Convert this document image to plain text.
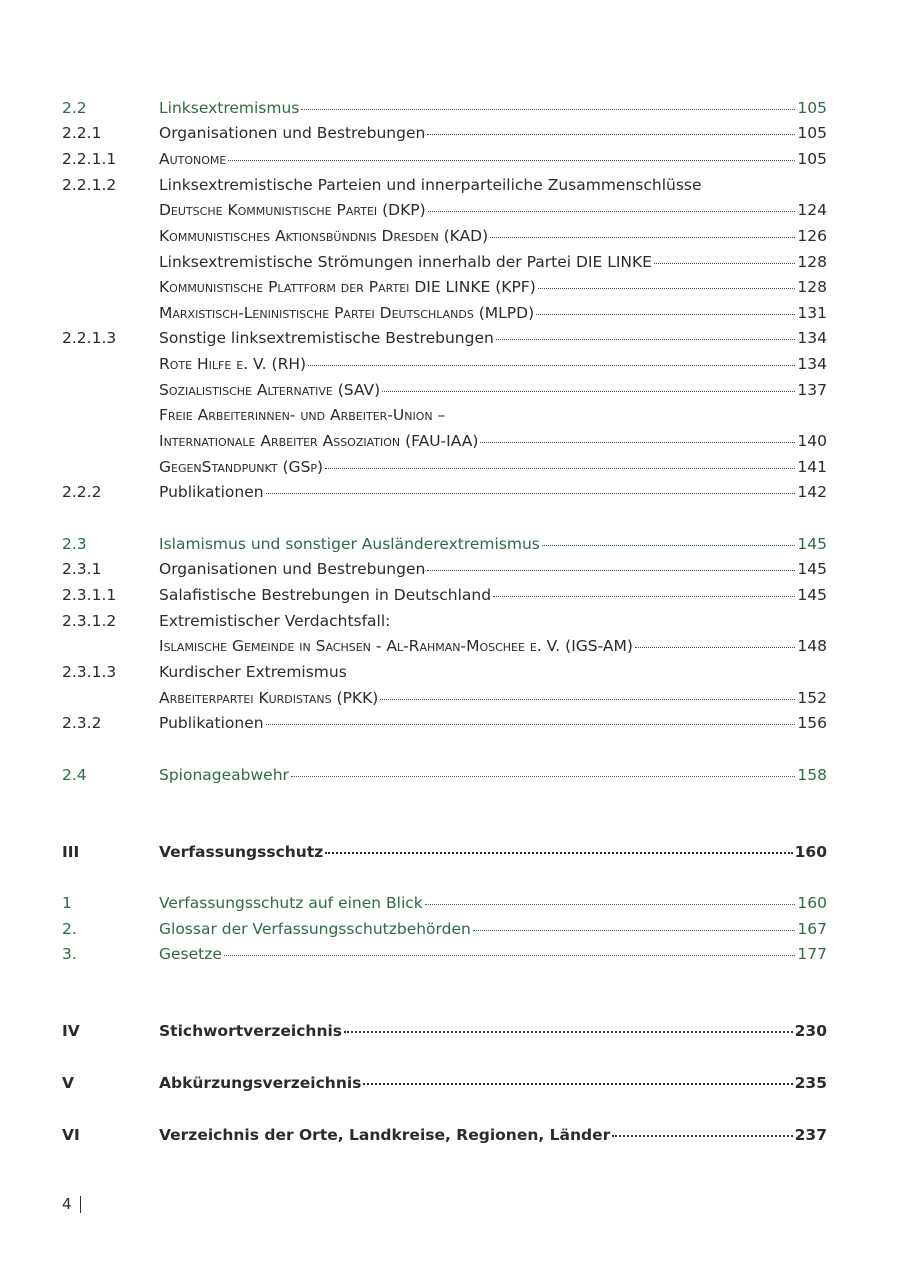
2.2	Linksextremismus	105
2.2.1	Organisationen und Bestrebungen	105
2.2.1.1	Autonome	105
2.2.1.2	Linksextremistische Parteien und innerparteiliche Zusammenschlüsse
Deutsche Kommunistische Partei (DKP)	124
Kommunistisches Aktionsbündnis Dresden (KAD)	126
Linksextremistische Strömungen innerhalb der Partei DIE LINKE	128
Kommunistische Plattform der Partei DIE LINKE (KPF)	128
Marxistisch-Leninistische Partei Deutschlands (MLPD)	131
2.2.1.3	Sonstige linksextremistische Bestrebungen	134
Rote Hilfe e. V. (RH)	134
Sozialistische Alternative (SAV)	137
Freie Arbeiterinnen- und Arbeiter-Union –
Internationale Arbeiter Assoziation (FAU-IAA)	140
GegenStandpunkt (GSp)	141
2.2.2	Publikationen	142
2.3	Islamismus und sonstiger Ausländerextremismus	145
2.3.1	Organisationen und Bestrebungen	145
2.3.1.1	Salafistische Bestrebungen in Deutschland	145
2.3.1.2	Extremistischer Verdachtsfall:
Islamische Gemeinde in Sachsen - Al-Rahman-Moschee e. V. (IGS-AM)	148
2.3.1.3	Kurdischer Extremismus
Arbeiterpartei Kurdistans (PKK)	152
2.3.2	Publikationen	156
2.4	Spionageabwehr	158
III	Verfassungsschutz	160
1	Verfassungsschutz auf einen Blick	160
2.	Glossar der Verfassungsschutzbehörden	167
3.	Gesetze	177
IV	Stichwortverzeichnis	230
V	Abkürzungsverzeichnis	235
VI	Verzeichnis der Orte, Landkreise, Regionen, Länder	237
4
